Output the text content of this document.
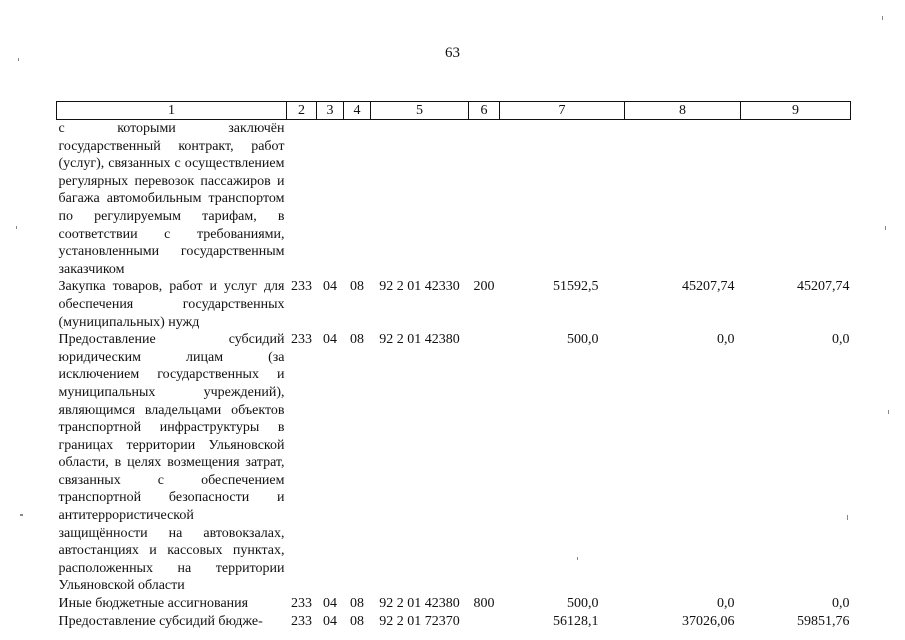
63
1	2	3	4	5	6	7	8	9
с которыми заключён государственный контракт, работ (услуг), связанных с осуществлением регулярных перевозок пассажиров и багажа автомобильным транспортом по регулируемым тарифам, в соответствии с требованиями, установленными государственным заказчиком								
Закупка товаров, работ и услуг для обеспечения государственных (муниципальных) нужд	233	04	08	92 2 01 42330	200	51592,5	45207,74	45207,74
Предоставление субсидий юридическим лицам (за исключением государственных и муниципальных учреждений), являющимся владельцами объектов транспортной инфраструктуры в границах территории Ульяновской области, в целях возмещения затрат, связанных с обеспечением транспортной безопасности и антитеррористической защищённости на автовокзалах, автостанциях и кассовых пунктах, расположенных на территории Ульяновской области	233	04	08	92 2 01 42380		500,0	0,0	0,0
Иные бюджетные ассигнования	233	04	08	92 2 01 42380	800	500,0	0,0	0,0
Предоставление субсидий бюдже-	233	04	08	92 2 01 72370		56128,1	37026,06	59851,76
